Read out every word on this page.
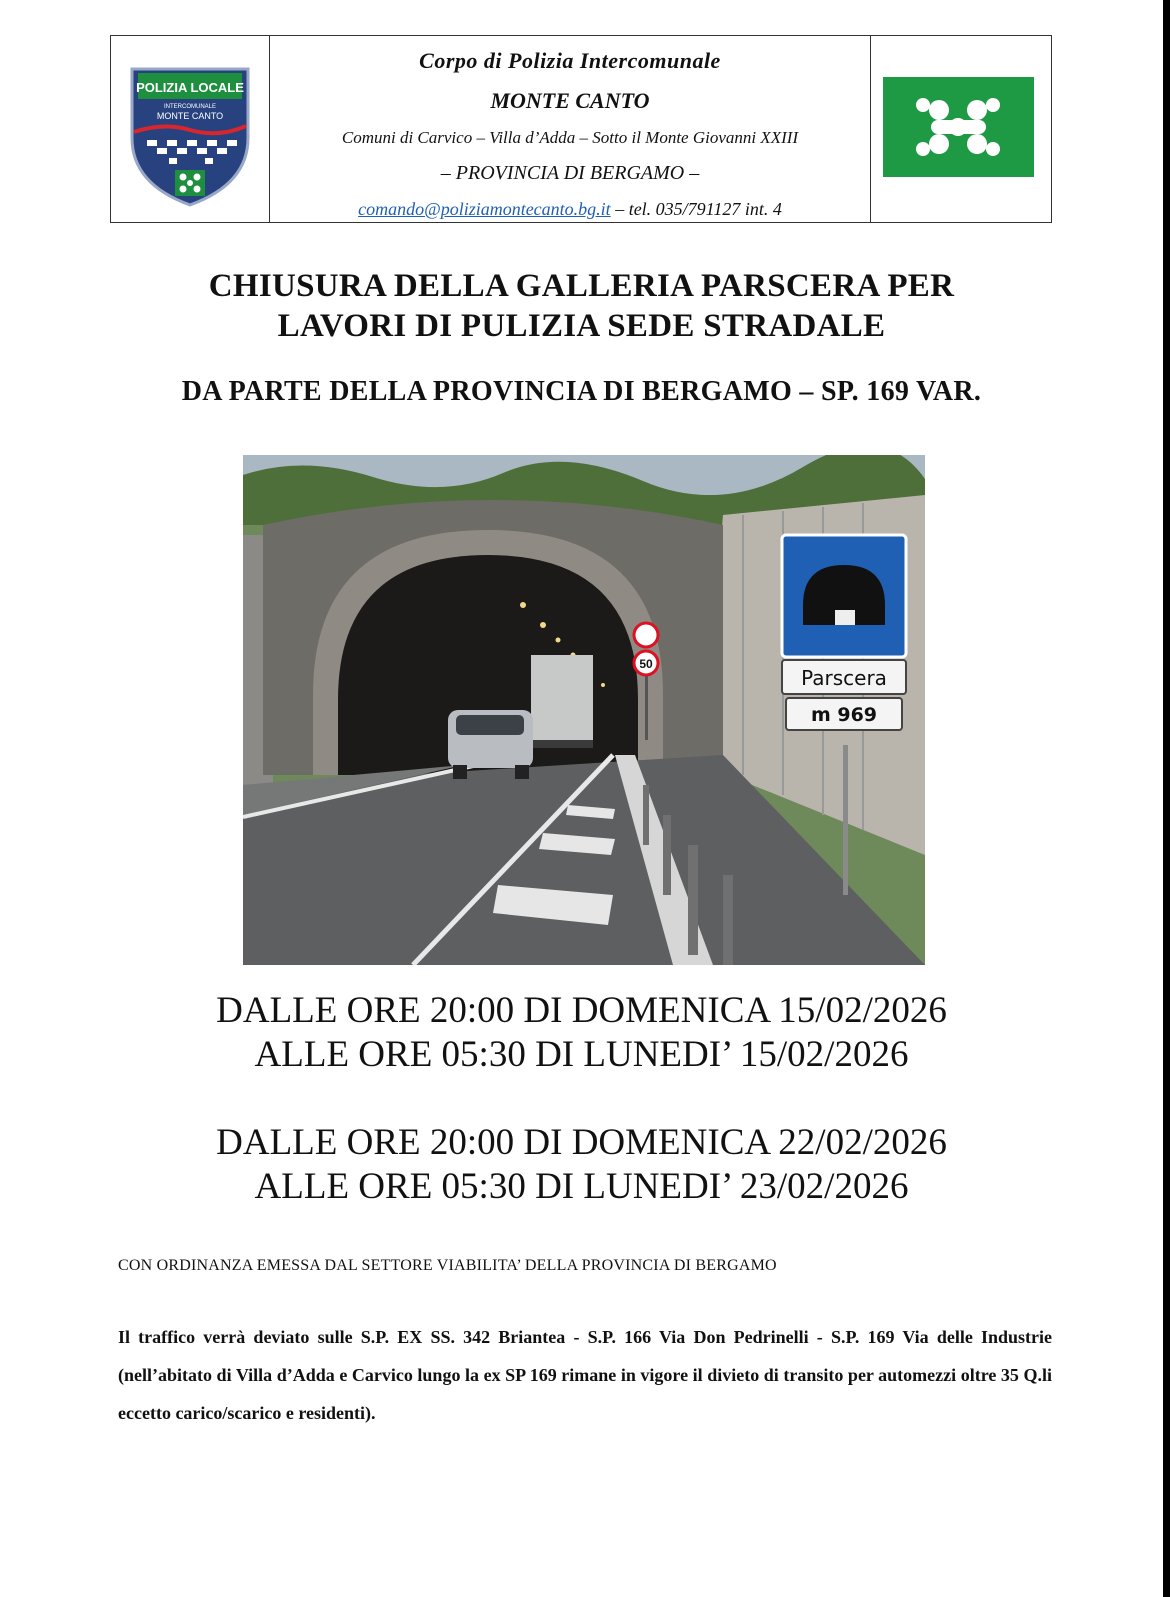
POLIZIA LOCALE
INTERCOMUNALE
MONTE CANTO
Corpo di Polizia Intercomunale
MONTE CANTO
Comuni di Carvico – Villa d’Adda – Sotto il Monte Giovanni XXIII
– PROVINCIA DI BERGAMO –
comando@poliziamontecanto.bg.it – tel. 035/791127 int. 4
CHIUSURA DELLA GALLERIA PARSCERA PER
LAVORI DI PULIZIA SEDE STRADALE
DA PARTE DELLA PROVINCIA DI BERGAMO – SP. 169 VAR.
50
Parscera
m 969
DALLE ORE 20:00 DI DOMENICA 15/02/2026
ALLE ORE 05:30 DI LUNEDI’ 15/02/2026
DALLE ORE 20:00 DI DOMENICA 22/02/2026
ALLE ORE 05:30 DI LUNEDI’ 23/02/2026
CON ORDINANZA EMESSA DAL SETTORE VIABILITA’ DELLA PROVINCIA DI BERGAMO
Il traffico verrà deviato sulle S.P. EX SS. 342 Briantea - S.P. 166 Via Don Pedrinelli - S.P. 169 Via delle Industrie (nell’abitato di Villa d’Adda e Carvico lungo la ex SP 169 rimane in vigore il divieto di transito per automezzi oltre 35 Q.li eccetto carico/scarico e residenti).
